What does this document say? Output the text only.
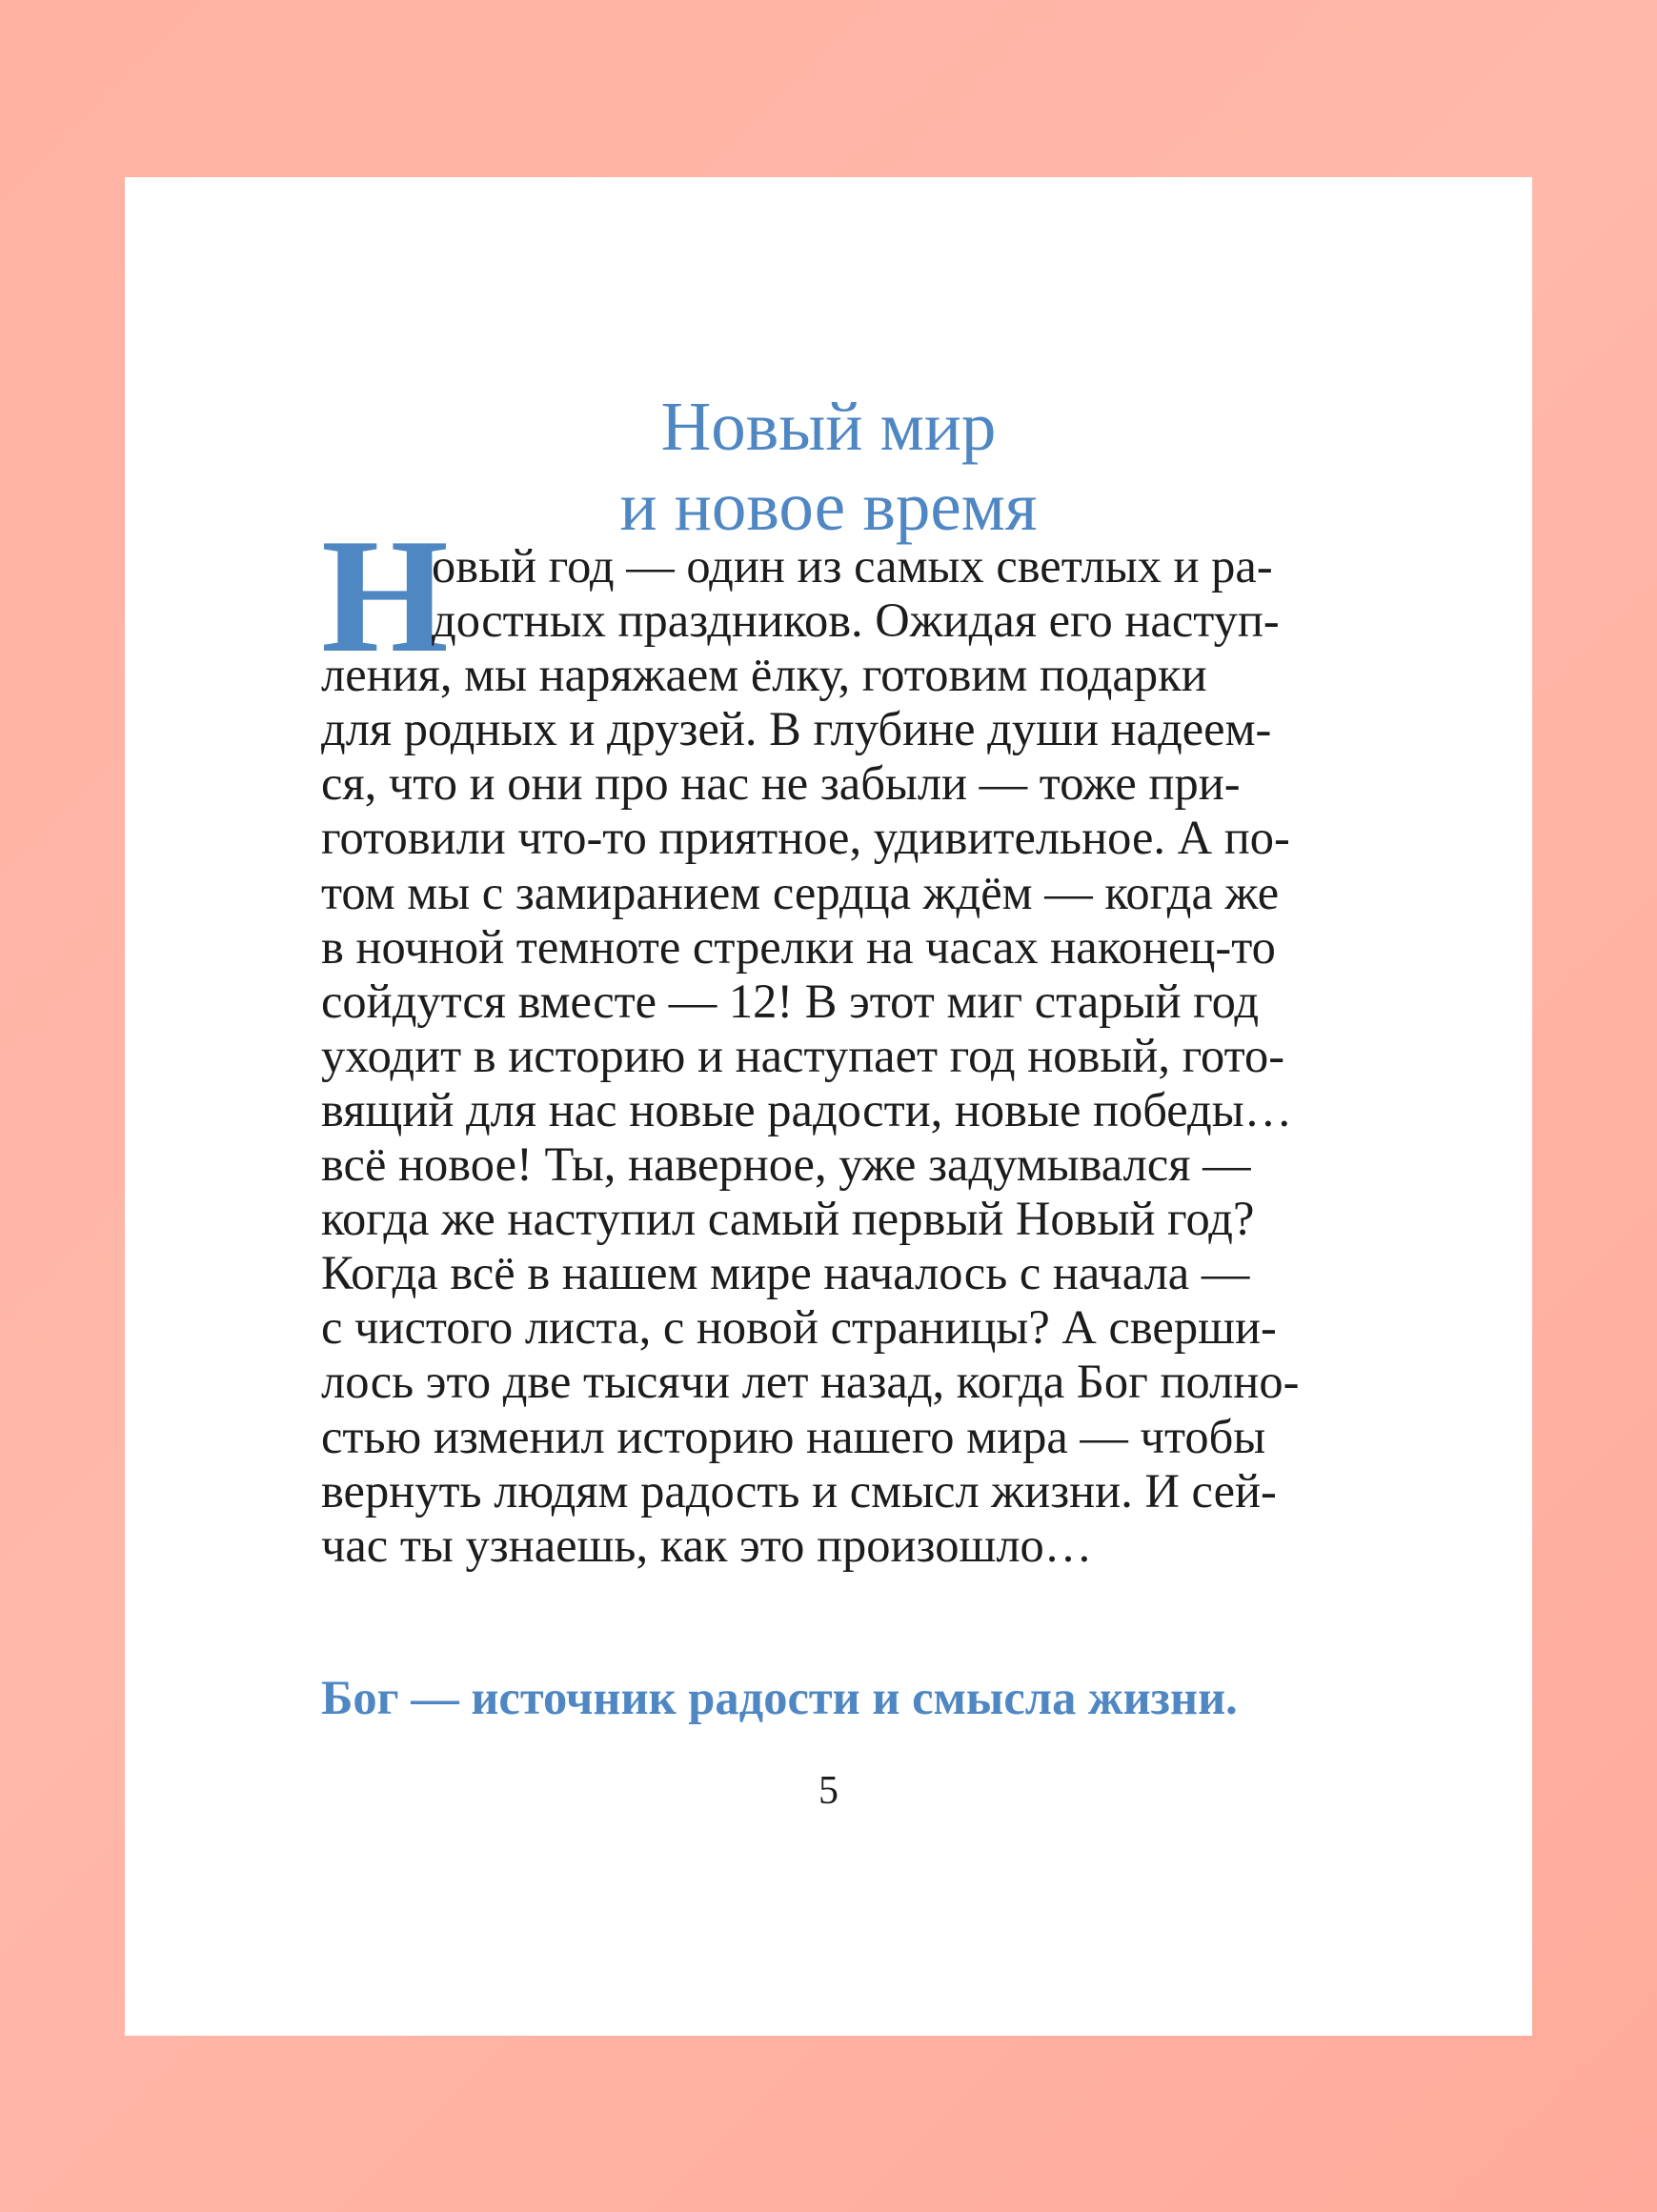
Новый мир
и новое время
Н
овый год — один из самых светлых и ра-
достных праздников. Ожидая его наступ-
ления, мы наряжаем ёлку, готовим подарки
для родных и друзей. В глубине души надеем-
ся, что и они про нас не забыли — тоже при-
готовили что-то приятное, удивительное. А по-
том мы с замиранием сердца ждём — когда же
в ночной темноте стрелки на часах наконец-то
сойдутся вместе — 12! В этот миг старый год
уходит в историю и наступает год новый, гото-
вящий для нас новые радости, новые победы…
всё новое! Ты, наверное, уже задумывался —
когда же наступил самый первый Новый год?
Когда всё в нашем мире началось с начала —
с чистого листа, с новой страницы? А сверши-
лось это две тысячи лет назад, когда Бог полно-
стью изменил историю нашего мира — чтобы
вернуть людям радость и смысл жизни. И сей-
час ты узнаешь, как это произошло…
Бог — источник радости и смысла жизни.
5
